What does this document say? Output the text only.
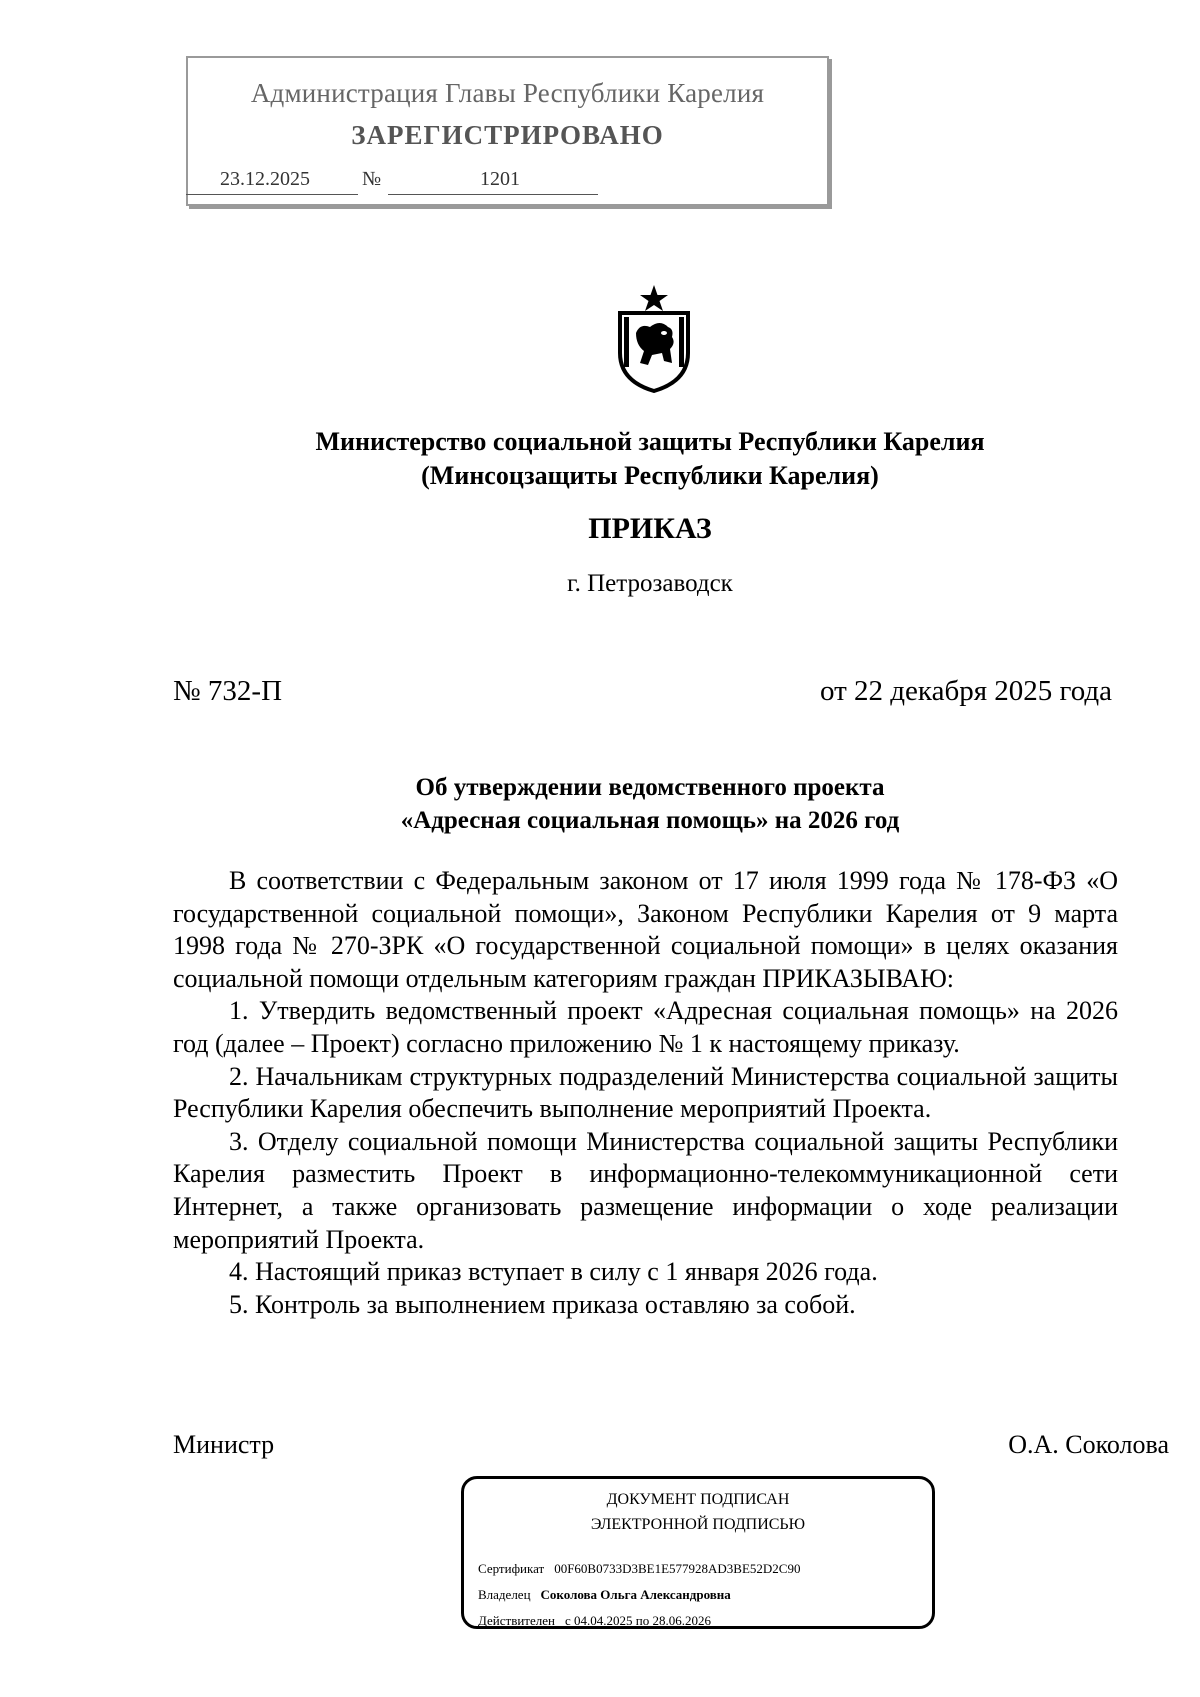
Администрация Главы Республики Карелия
ЗАРЕГИСТРИРОВАНО
23.12.2025	№	1201
Министерство социальной защиты Республики Карелия
(Минсоцзащиты Республики Карелия)
ПРИКАЗ
г. Петрозаводск
№ 732-П	от 22 декабря 2025 года
Об утверждении ведомственного проекта
«Адресная социальная помощь» на 2026 год

В соответствии с Федеральным законом от 17 июля 1999 года № 178-ФЗ «О государственной социальной помощи», Законом Республики Карелия от 9 марта 1998 года № 270-ЗРК «О государственной социальной помощи» в целях оказания социальной помощи отдельным категориям граждан ПРИКАЗЫВАЮ:

1. Утвердить ведомственный проект «Адресная социальная помощь» на 2026 год (далее – Проект) согласно приложению № 1 к настоящему приказу.

2. Начальникам структурных подразделений Министерства социальной защиты Республики Карелия обеспечить выполнение мероприятий Проекта.

3. Отделу социальной помощи Министерства социальной защиты Республики Карелия разместить Проект в информационно-телекоммуникационной сети Интернет, а также организовать размещение информации о ходе реализации мероприятий Проекта.

4. Настоящий приказ вступает в силу с 1 января 2026 года.

5. Контроль за выполнением приказа оставляю за собой.

Министр	О.А. Соколова
ДОКУМЕНТ ПОДПИСАН
ЭЛЕКТРОННОЙ ПОДПИСЬЮ
Сертификат 00F60B0733D3BE1E577928AD3BE52D2C90
Владелец Соколова Ольга Александровна
Действителен с 04.04.2025 по 28.06.2026
